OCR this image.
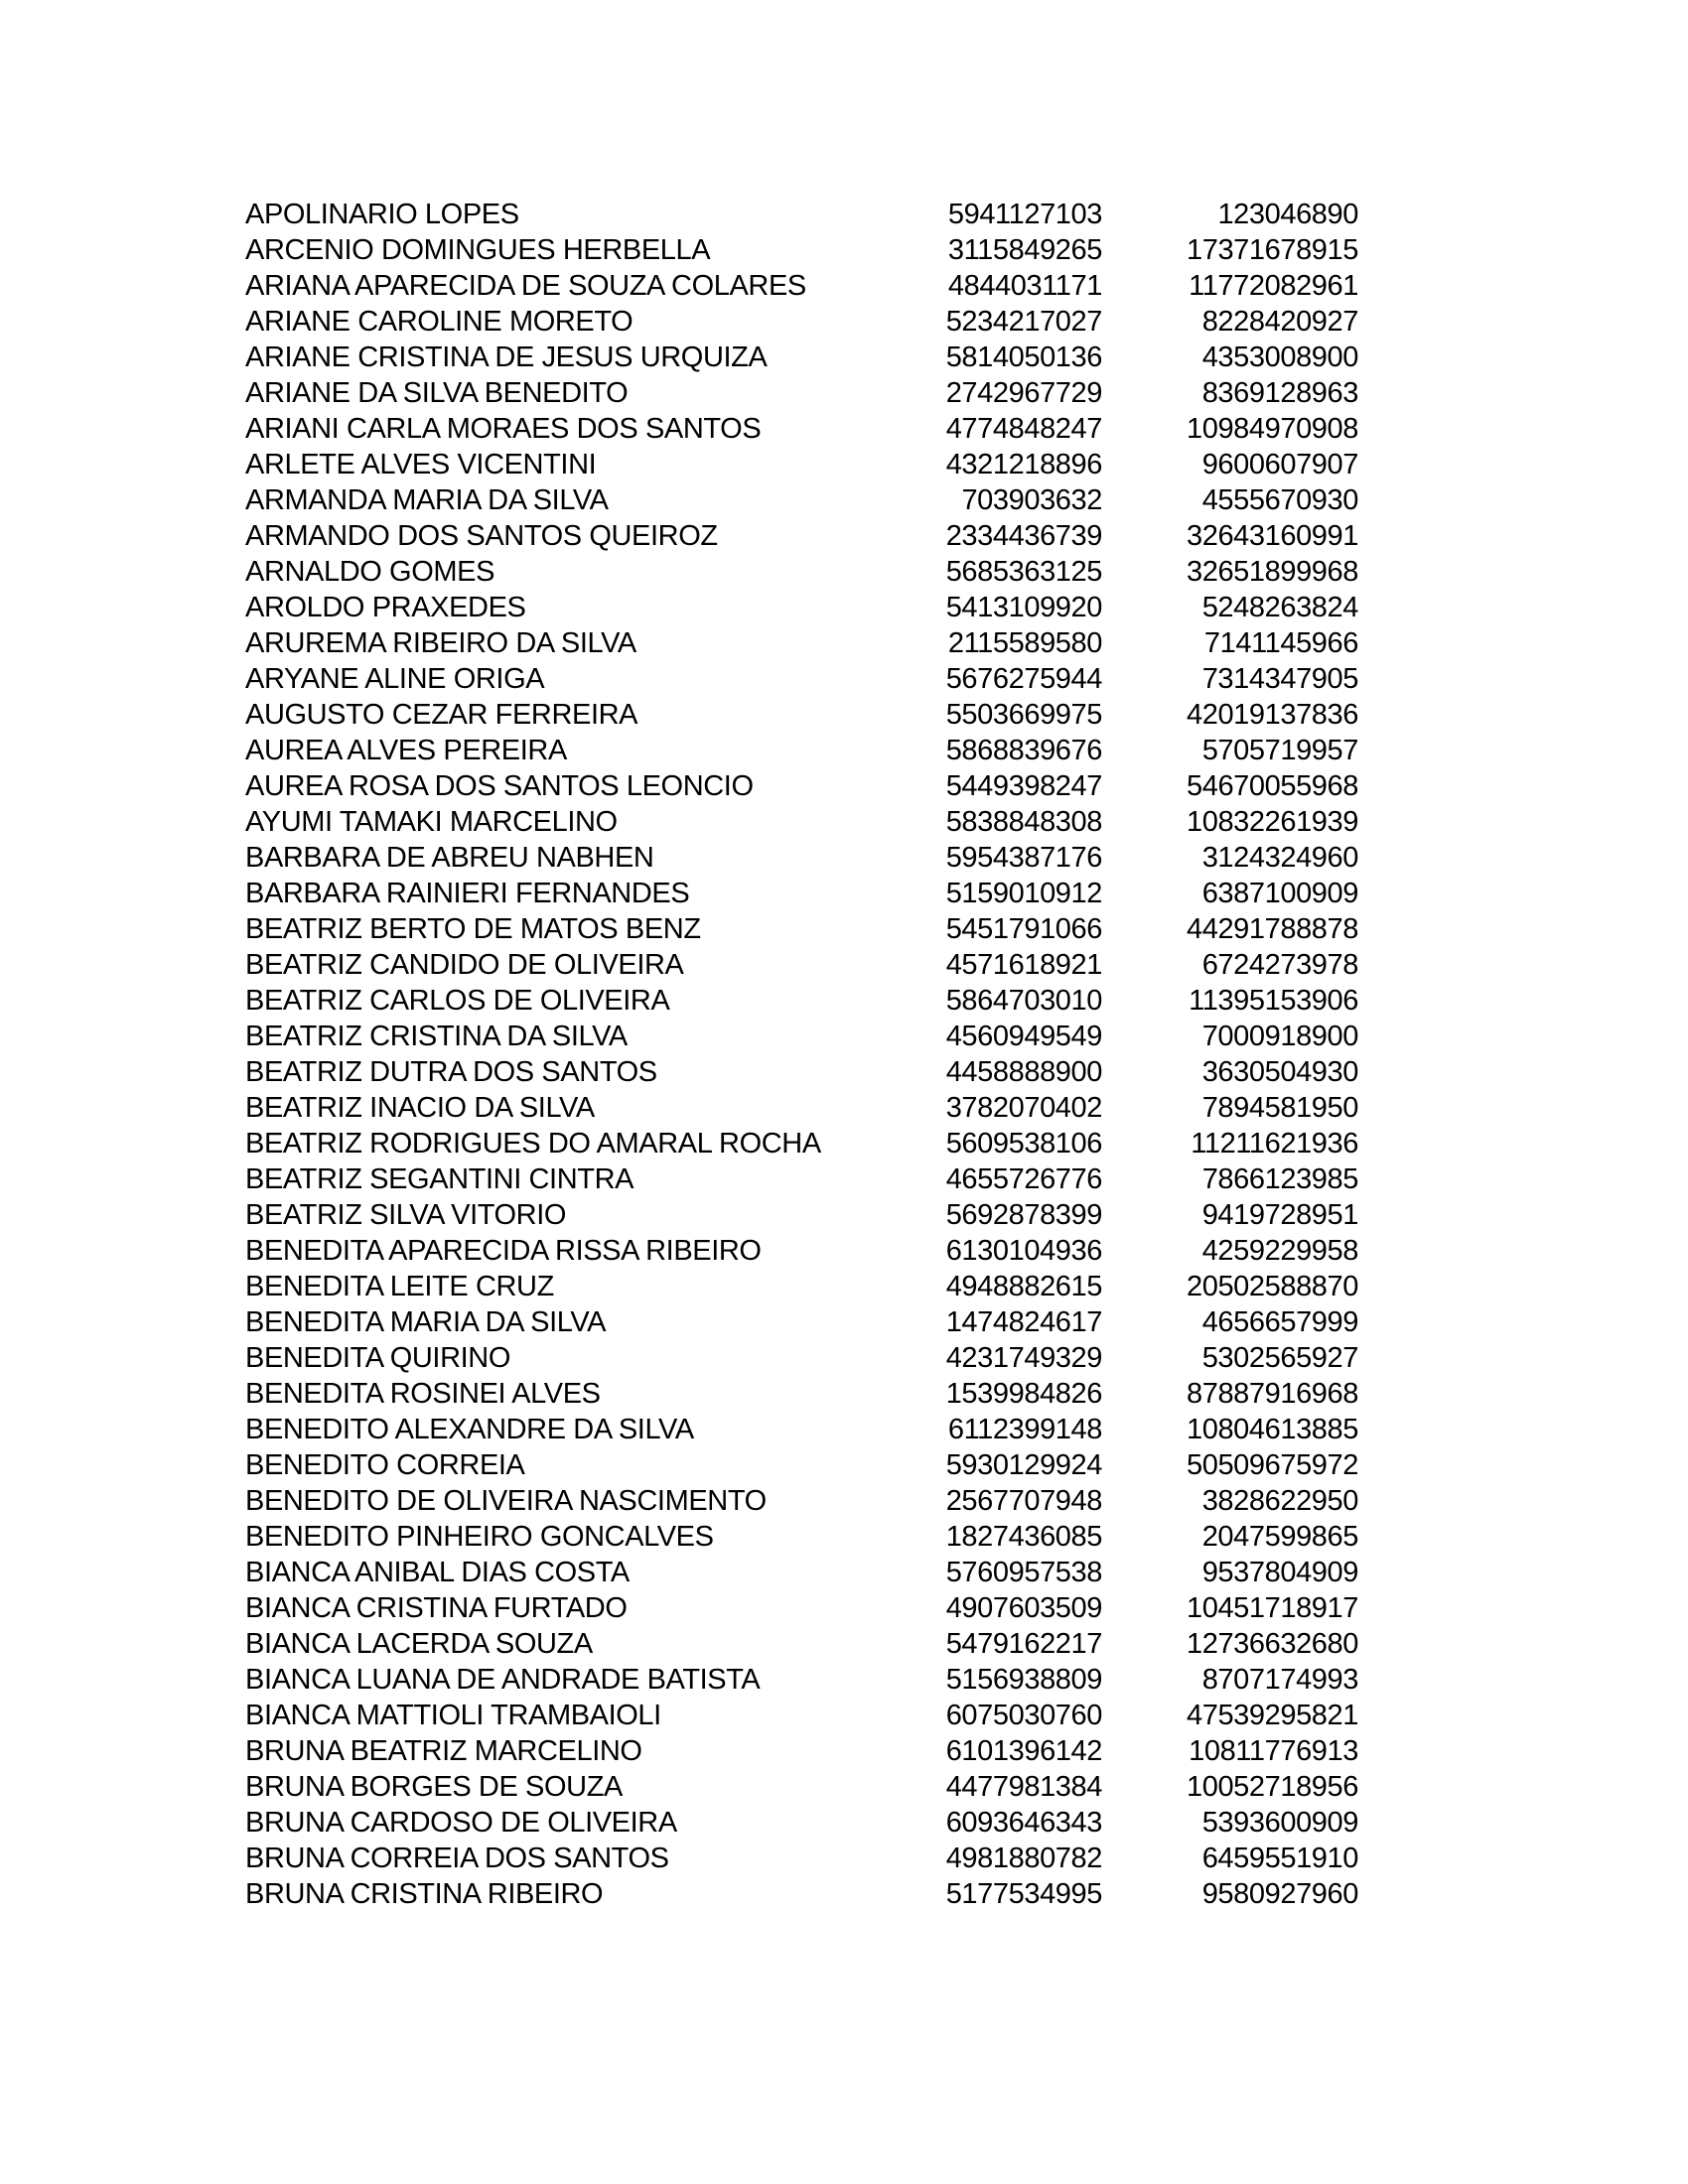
APOLINARIO LOPES	5941127103	123046890
ARCENIO DOMINGUES HERBELLA	3115849265	17371678915
ARIANA APARECIDA DE SOUZA COLARES	4844031171	11772082961
ARIANE CAROLINE MORETO	5234217027	8228420927
ARIANE CRISTINA DE JESUS URQUIZA	5814050136	4353008900
ARIANE DA SILVA BENEDITO	2742967729	8369128963
ARIANI CARLA MORAES DOS SANTOS	4774848247	10984970908
ARLETE ALVES VICENTINI	4321218896	9600607907
ARMANDA MARIA DA SILVA	703903632	4555670930
ARMANDO DOS SANTOS QUEIROZ	2334436739	32643160991
ARNALDO GOMES	5685363125	32651899968
AROLDO PRAXEDES	5413109920	5248263824
ARUREMA RIBEIRO DA SILVA	2115589580	7141145966
ARYANE ALINE ORIGA	5676275944	7314347905
AUGUSTO CEZAR FERREIRA	5503669975	42019137836
AUREA ALVES PEREIRA	5868839676	5705719957
AUREA ROSA DOS SANTOS LEONCIO	5449398247	54670055968
AYUMI TAMAKI MARCELINO	5838848308	10832261939
BARBARA DE ABREU NABHEN	5954387176	3124324960
BARBARA RAINIERI FERNANDES	5159010912	6387100909
BEATRIZ BERTO DE MATOS BENZ	5451791066	44291788878
BEATRIZ CANDIDO DE OLIVEIRA	4571618921	6724273978
BEATRIZ CARLOS DE OLIVEIRA	5864703010	11395153906
BEATRIZ CRISTINA DA SILVA	4560949549	7000918900
BEATRIZ DUTRA DOS SANTOS	4458888900	3630504930
BEATRIZ INACIO DA SILVA	3782070402	7894581950
BEATRIZ RODRIGUES DO AMARAL ROCHA	5609538106	11211621936
BEATRIZ SEGANTINI CINTRA	4655726776	7866123985
BEATRIZ SILVA VITORIO	5692878399	9419728951
BENEDITA APARECIDA RISSA RIBEIRO	6130104936	4259229958
BENEDITA LEITE CRUZ	4948882615	20502588870
BENEDITA MARIA DA SILVA	1474824617	4656657999
BENEDITA QUIRINO	4231749329	5302565927
BENEDITA ROSINEI ALVES	1539984826	87887916968
BENEDITO ALEXANDRE DA SILVA	6112399148	10804613885
BENEDITO CORREIA	5930129924	50509675972
BENEDITO DE OLIVEIRA NASCIMENTO	2567707948	3828622950
BENEDITO PINHEIRO GONCALVES	1827436085	2047599865
BIANCA ANIBAL DIAS COSTA	5760957538	9537804909
BIANCA CRISTINA FURTADO	4907603509	10451718917
BIANCA LACERDA SOUZA	5479162217	12736632680
BIANCA LUANA DE ANDRADE BATISTA	5156938809	8707174993
BIANCA MATTIOLI TRAMBAIOLI	6075030760	47539295821
BRUNA BEATRIZ MARCELINO	6101396142	10811776913
BRUNA BORGES DE SOUZA	4477981384	10052718956
BRUNA CARDOSO DE OLIVEIRA	6093646343	5393600909
BRUNA CORREIA DOS SANTOS	4981880782	6459551910
BRUNA CRISTINA RIBEIRO	5177534995	9580927960
